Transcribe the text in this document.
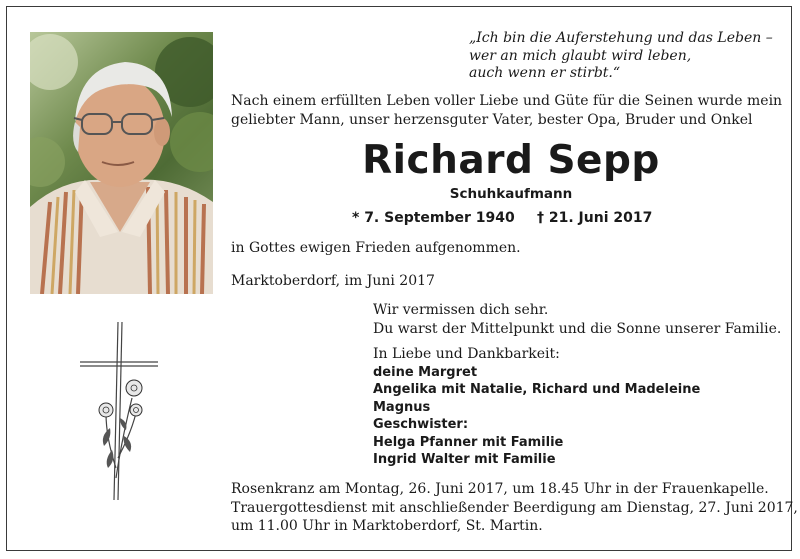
„Ich bin die Auferstehung und das Leben –
wer an mich glaubt wird leben,
auch wenn er stirbt.“
Nach einem erfüllten Leben voller Liebe und Güte für die Seinen wurde mein
geliebter Mann, unser herzensguter Vater, bester Opa, Bruder und Onkel
Richard Sepp
Schuhkaufmann
* 7. September 1940 † 21. Juni 2017
in Gottes ewigen Frieden aufgenommen.
Marktoberdorf, im Juni 2017
Wir vermissen dich sehr.
Du warst der Mittelpunkt und die Sonne unserer Familie.
In Liebe und Dankbarkeit:
deine Margret
Angelika mit Natalie, Richard und Madeleine
Magnus
Geschwister:
Helga Pfanner mit Familie
Ingrid Walter mit Familie
Rosenkranz am Montag, 26. Juni 2017, um 18.45 Uhr in der Frauenkapelle.
Trauergottesdienst mit anschließender Beerdigung am Dienstag, 27. Juni 2017,
um 11.00 Uhr in Marktoberdorf, St. Martin.
